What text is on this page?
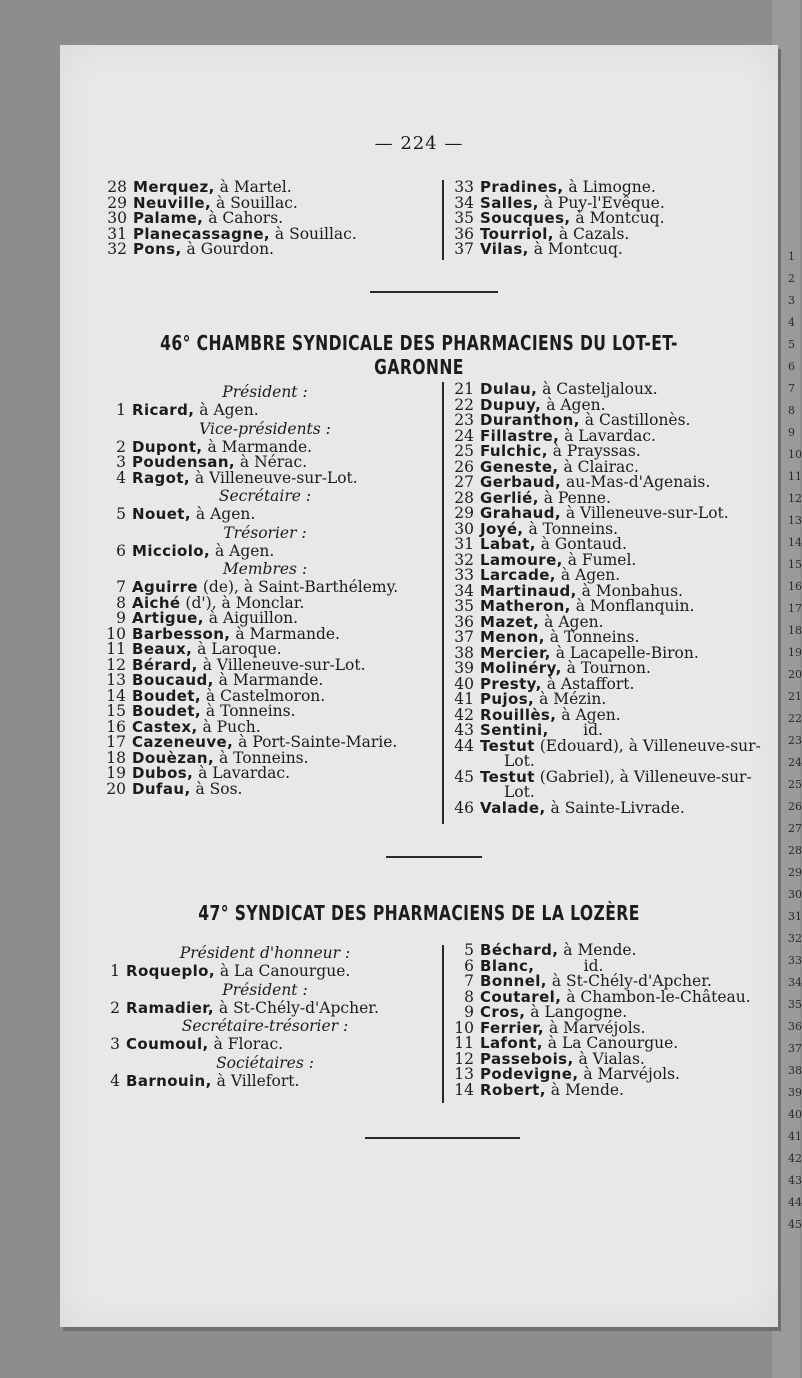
1
2
3
4
5
6
7
8
9
10
11
12
13
14
15
16
17
18
19
20
21
22
23
24
25
26
27
28
29
30
31
32
33
34
35
36
37
38
39
40
41
42
43
44
45
— 224 —
28 Merquez, à Martel.
29 Neuville, à Souillac.
30 Palame, à Cahors.
31 Planecassagne, à Souillac.
32 Pons, à Gourdon.
33 Pradines, à Limogne.
34 Salles, à Puy-l'Evêque.
35 Soucques, à Montcuq.
36 Tourriol, à Cazals.
37 Vilas, à Montcuq.
46° CHAMBRE SYNDICALE DES PHARMACIENS DU LOT-ET-GARONNE
Président :
1 Ricard, à Agen.
Vice-présidents :
2 Dupont, à Marmande.
3 Poudensan, à Nérac.
4 Ragot, à Villeneuve-sur-Lot.
Secrétaire :
5 Nouet, à Agen.
Trésorier :
6 Micciolo, à Agen.
Membres :
7 Aguirre (de), à Saint-Barthélemy.
8 Aiché (d'), à Monclar.
9 Artigue, à Aiguillon.
10 Barbesson, à Marmande.
11 Beaux, à Laroque.
12 Bérard, à Villeneuve-sur-Lot.
13 Boucaud, à Marmande.
14 Boudet, à Castelmoron.
15 Boudet, à Tonneins.
16 Castex, à Puch.
17 Cazeneuve, à Port-Sainte-Marie.
18 Douèzan, à Tonneins.
19 Dubos, à Lavardac.
20 Dufau, à Sos.
21 Dulau, à Casteljaloux.
22 Dupuy, à Agen.
23 Duranthon, à Castillonès.
24 Fillastre, à Lavardac.
25 Fulchic, à Prayssas.
26 Geneste, à Clairac.
27 Gerbaud, au-Mas-d'Agenais.
28 Gerlié, à Penne.
29 Grahaud, à Villeneuve-sur-Lot.
30 Joyé, à Tonneins.
31 Labat, à Gontaud.
32 Lamoure, à Fumel.
33 Larcade, à Agen.
34 Martinaud, à Monbahus.
35 Matheron, à Monflanquin.
36 Mazet, à Agen.
37 Menon, à Tonneins.
38 Mercier, à Lacapelle-Biron.
39 Molinéry, à Tournon.
40 Presty, à Astaffort.
41 Pujos, à Mézin.
42 Rouillès, à Agen.
43 Sentini,       id.
44 Testut (Edouard), à Villeneuve-sur-
Lot.
45 Testut (Gabriel), à Villeneuve-sur-
Lot.
46 Valade, à Sainte-Livrade.
47° SYNDICAT DES PHARMACIENS DE LA LOZÈRE
Président d'honneur :
1 Roqueplo, à La Canourgue.
Président :
2 Ramadier, à St-Chély-d'Apcher.
Secrétaire-trésorier :
3 Coumoul, à Florac.
Sociétaires :
4 Barnouin, à Villefort.
5 Béchard, à Mende.
6 Blanc,          id.
7 Bonnel, à St-Chély-d'Apcher.
8 Coutarel, à Chambon-le-Château.
9 Cros, à Langogne.
10 Ferrier, à Marvéjols.
11 Lafont, à La Canourgue.
12 Passebois, à Vialas.
13 Podevigne, à Marvéjols.
14 Robert, à Mende.
